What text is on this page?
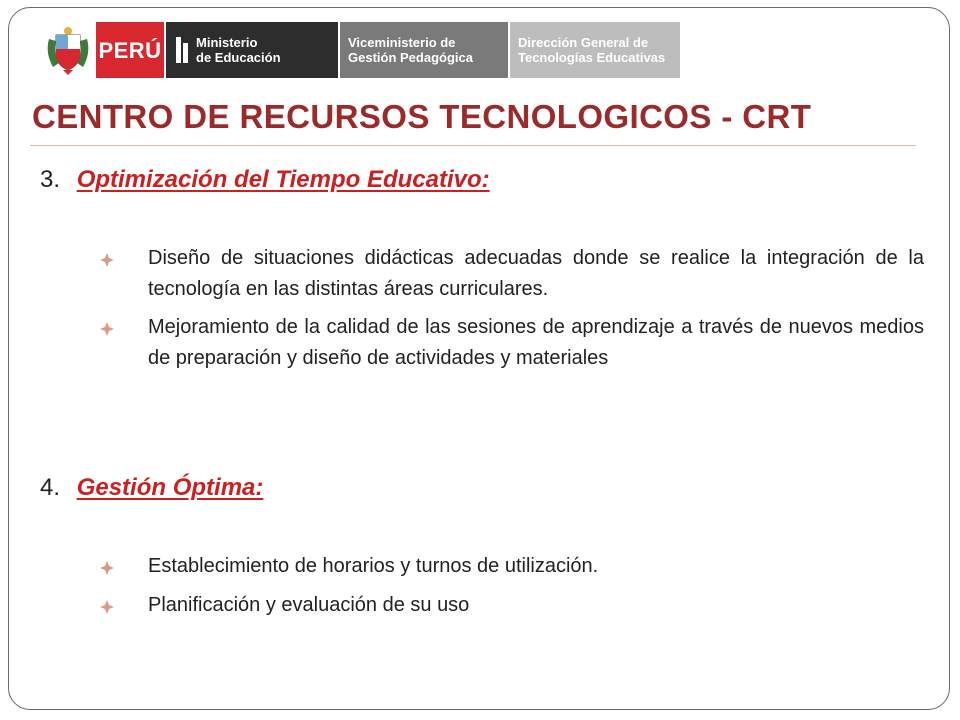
PERÚ	Ministerio
de Educación
Viceministerio de
Gestión Pedagógica
Dirección General de
Tecnologías Educativas
CENTRO DE RECURSOS TECNOLOGICOS - CRT
3. Optimización del Tiempo Educativo:
Diseño de situaciones didácticas adecuadas donde se realice la integración de la tecnología en las distintas áreas curriculares.
Mejoramiento de la calidad de las sesiones de aprendizaje a través de nuevos medios de preparación y diseño de actividades y materiales
4. Gestión Óptima:
Establecimiento de horarios y turnos de utilización.
Planificación y evaluación de su uso
